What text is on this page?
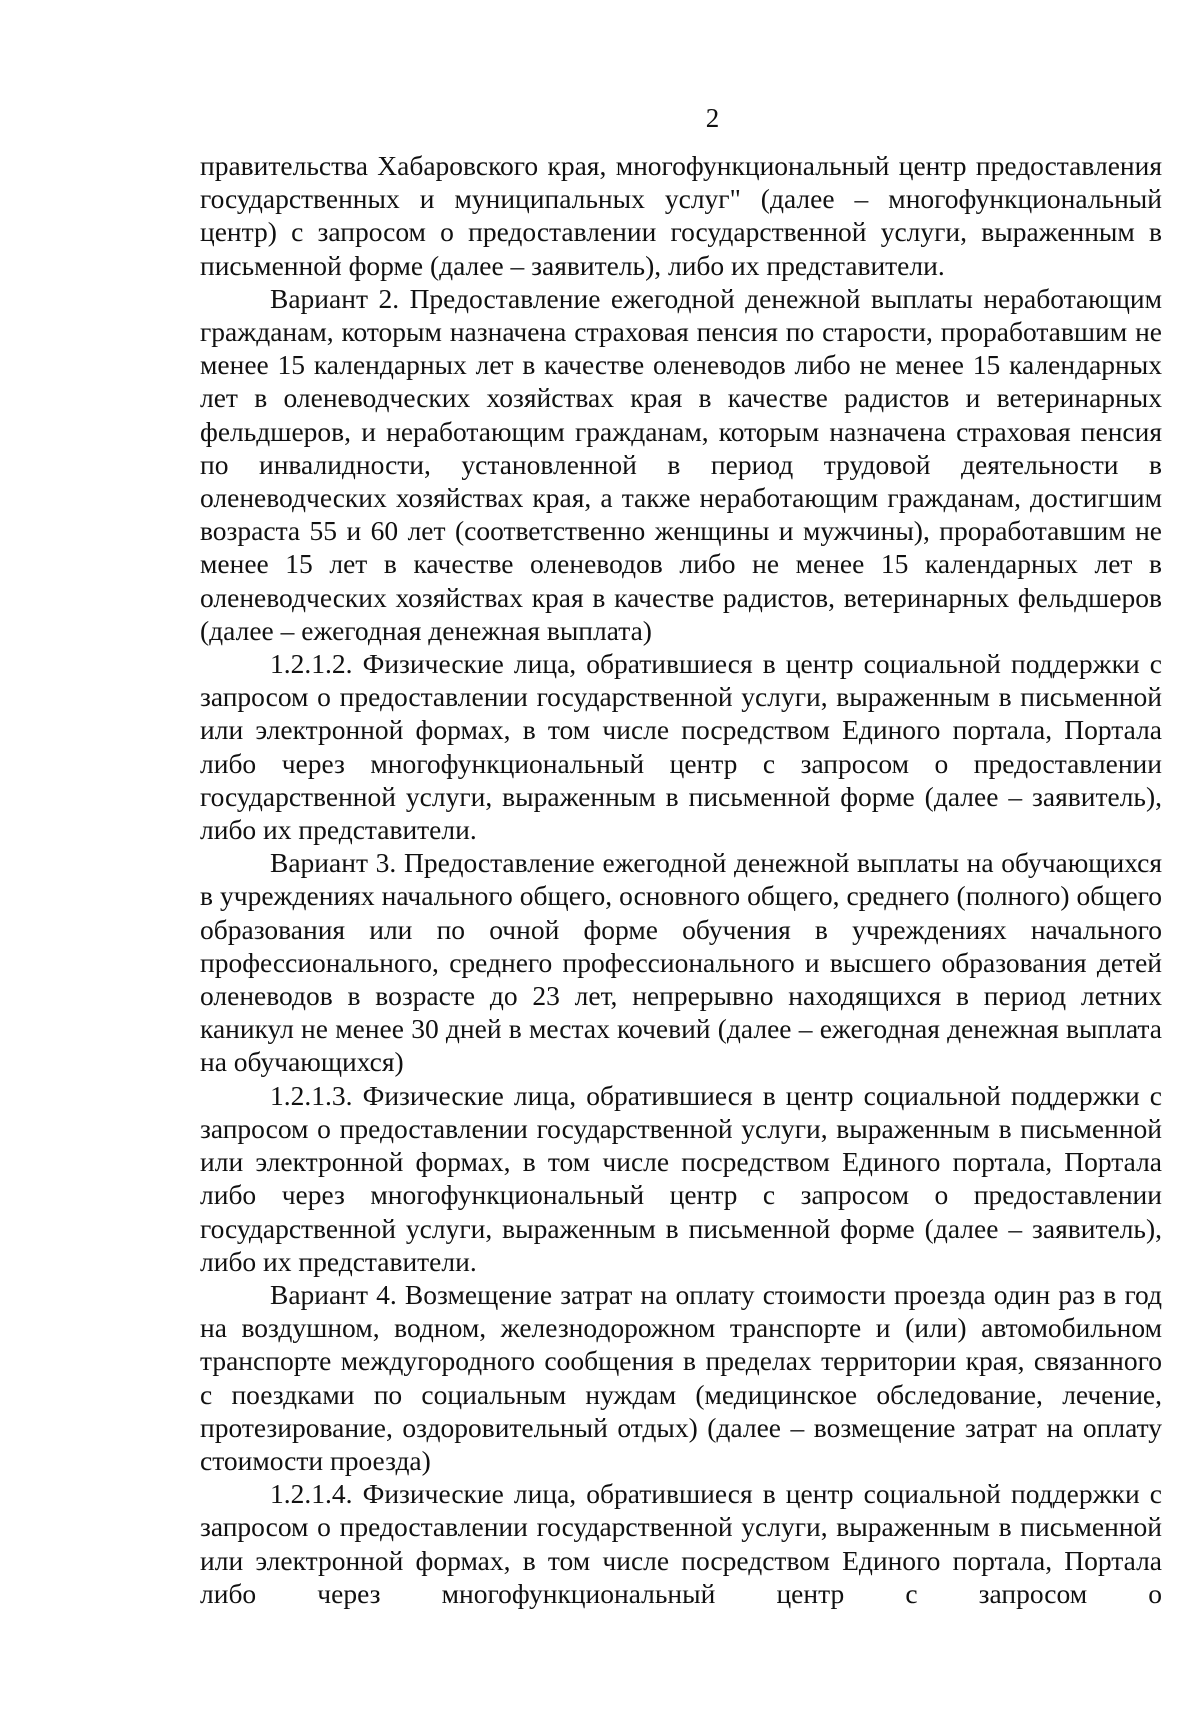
2

правительства Хабаровского края, многофункциональный центр предоставления государственных и муниципальных услуг" (далее – многофункциональный центр) с запросом о предоставлении государственной услуги, выраженным в письменной форме (далее – заявитель), либо их представители.

Вариант 2. Предоставление ежегодной денежной выплаты неработающим гражданам, которым назначена страховая пенсия по старости, проработавшим не менее 15 календарных лет в качестве оленеводов либо не менее 15 календарных лет в оленеводческих хозяйствах края в качестве радистов и ветеринарных фельдшеров, и неработающим гражданам, которым назначена страховая пенсия по инвалидности, установленной в период трудовой деятельности в оленеводческих хозяйствах края, а также неработающим гражданам, достигшим возраста 55 и 60 лет (соответственно женщины и мужчины), проработавшим не менее 15 лет в качестве оленеводов либо не менее 15 календарных лет в оленеводческих хозяйствах края в качестве радистов, ветеринарных фельдшеров (далее – ежегодная денежная выплата)

1.2.1.2. Физические лица, обратившиеся в центр социальной поддержки с запросом о предоставлении государственной услуги, выраженным в письменной или электронной формах, в том числе посредством Единого портала, Портала либо через многофункциональный центр с запросом о предоставлении государственной услуги, выраженным в письменной форме (далее – заявитель), либо их представители.

Вариант 3. Предоставление ежегодной денежной выплаты на обучающихся в учреждениях начального общего, основного общего, среднего (полного) общего образования или по очной форме обучения в учреждениях начального профессионального, среднего профессионального и высшего образования детей оленеводов в возрасте до 23 лет, непрерывно находящихся в период летних каникул не менее 30 дней в местах кочевий (далее – ежегодная денежная выплата на обучающихся)

1.2.1.3. Физические лица, обратившиеся в центр социальной поддержки с запросом о предоставлении государственной услуги, выраженным в письменной или электронной формах, в том числе посредством Единого портала, Портала либо через многофункциональный центр с запросом о предоставлении государственной услуги, выраженным в письменной форме (далее – заявитель), либо их представители.

Вариант 4. Возмещение затрат на оплату стоимости проезда один раз в год на воздушном, водном, железнодорожном транспорте и (или) автомобильном транспорте междугородного сообщения в пределах территории края, связанного с поездками по социальным нуждам (медицинское обследование, лечение, протезирование, оздоровительный отдых) (далее – возмещение затрат на оплату стоимости проезда)

1.2.1.4. Физические лица, обратившиеся в центр социальной поддержки с запросом о предоставлении государственной услуги, выраженным в письменной или электронной формах, в том числе посредством Единого портала, Портала либо через многофункциональный центр с запросом о
